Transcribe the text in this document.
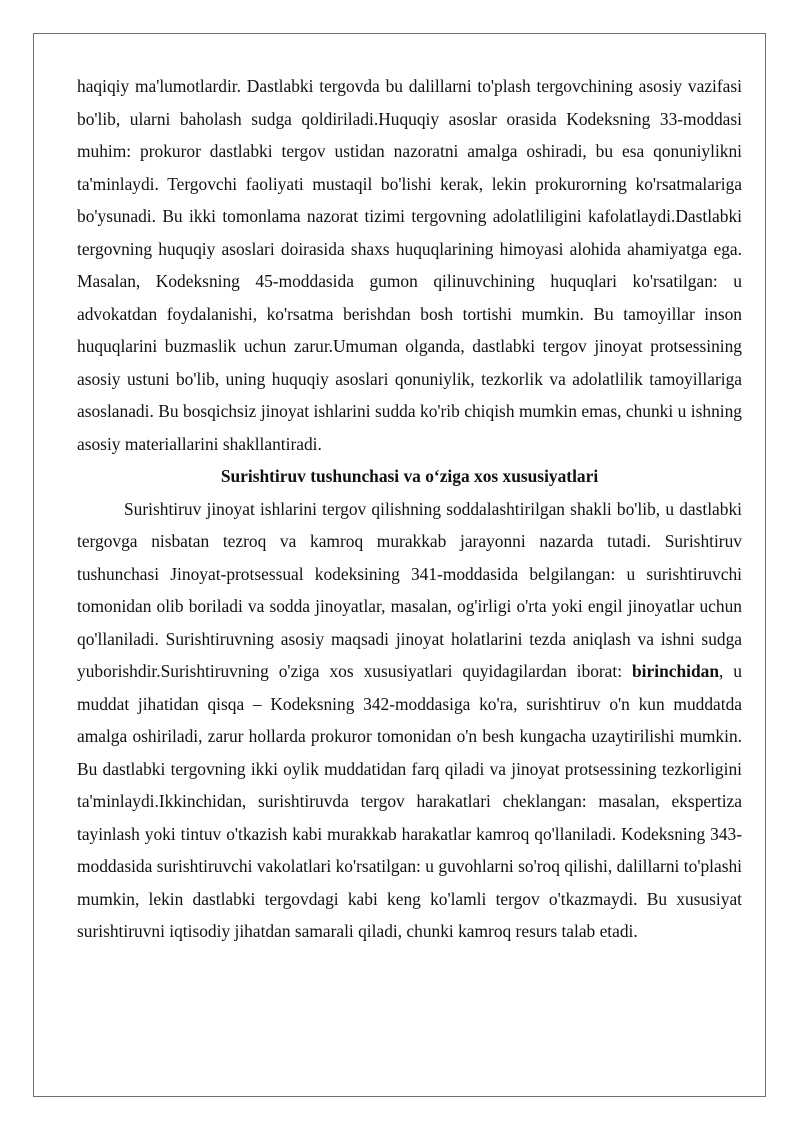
haqiqiy ma'lumotlardir. Dastlabki tergovda bu dalillarni to'plash tergovchining asosiy vazifasi bo'lib, ularni baholash sudga qoldiriladi.Huquqiy asoslar orasida Kodeksning 33-moddasi muhim: prokuror dastlabki tergov ustidan nazoratni amalga oshiradi, bu esa qonuniylikni ta'minlaydi. Tergovchi faoliyati mustaqil bo'lishi kerak, lekin prokurorning ko'rsatmalariga bo'ysunadi. Bu ikki tomonlama nazorat tizimi tergovning adolatliligini kafolatlaydi.Dastlabki tergovning huquqiy asoslari doirasida shaxs huquqlarining himoyasi alohida ahamiyatga ega. Masalan, Kodeksning 45-moddasida gumon qilinuvchining huquqlari ko'rsatilgan: u advokatdan foydalanishi, ko'rsatma berishdan bosh tortishi mumkin. Bu tamoyillar inson huquqlarini buzmaslik uchun zarur.Umuman olganda, dastlabki tergov jinoyat protsessining asosiy ustuni bo'lib, uning huquqiy asoslari qonuniylik, tezkorlik va adolatlilik tamoyillariga asoslanadi. Bu bosqichsiz jinoyat ishlarini sudda ko'rib chiqish mumkin emas, chunki u ishning asosiy materiallarini shakllantiradi.

Surishtiruv tushunchasi va o‘ziga xos xususiyatlari

Surishtiruv jinoyat ishlarini tergov qilishning soddalashtirilgan shakli bo'lib, u dastlabki tergovga nisbatan tezroq va kamroq murakkab jarayonni nazarda tutadi. Surishtiruv tushunchasi Jinoyat-protsessual kodeksining 341-moddasida belgilangan: u surishtiruvchi tomonidan olib boriladi va sodda jinoyatlar, masalan, og'irligi o'rta yoki engil jinoyatlar uchun qo'llaniladi. Surishtiruvning asosiy maqsadi jinoyat holatlarini tezda aniqlash va ishni sudga yuborishdir.Surishtiruvning o'ziga xos xususiyatlari quyidagilardan iborat: birinchidan, u muddat jihatidan qisqa – Kodeksning 342-moddasiga ko'ra, surishtiruv o'n kun muddatda amalga oshiriladi, zarur hollarda prokuror tomonidan o'n besh kungacha uzaytirilishi mumkin. Bu dastlabki tergovning ikki oylik muddatidan farq qiladi va jinoyat protsessining tezkorligini ta'minlaydi.Ikkinchidan, surishtiruvda tergov harakatlari cheklangan: masalan, ekspertiza tayinlash yoki tintuv o'tkazish kabi murakkab harakatlar kamroq qo'llaniladi. Kodeksning 343-moddasida surishtiruvchi vakolatlari ko'rsatilgan: u guvohlarni so'roq qilishi, dalillarni to'plashi mumkin, lekin dastlabki tergovdagi kabi keng ko'lamli tergov o'tkazmaydi. Bu xususiyat surishtiruvni iqtisodiy jihatdan samarali qiladi, chunki kamroq resurs talab etadi.
